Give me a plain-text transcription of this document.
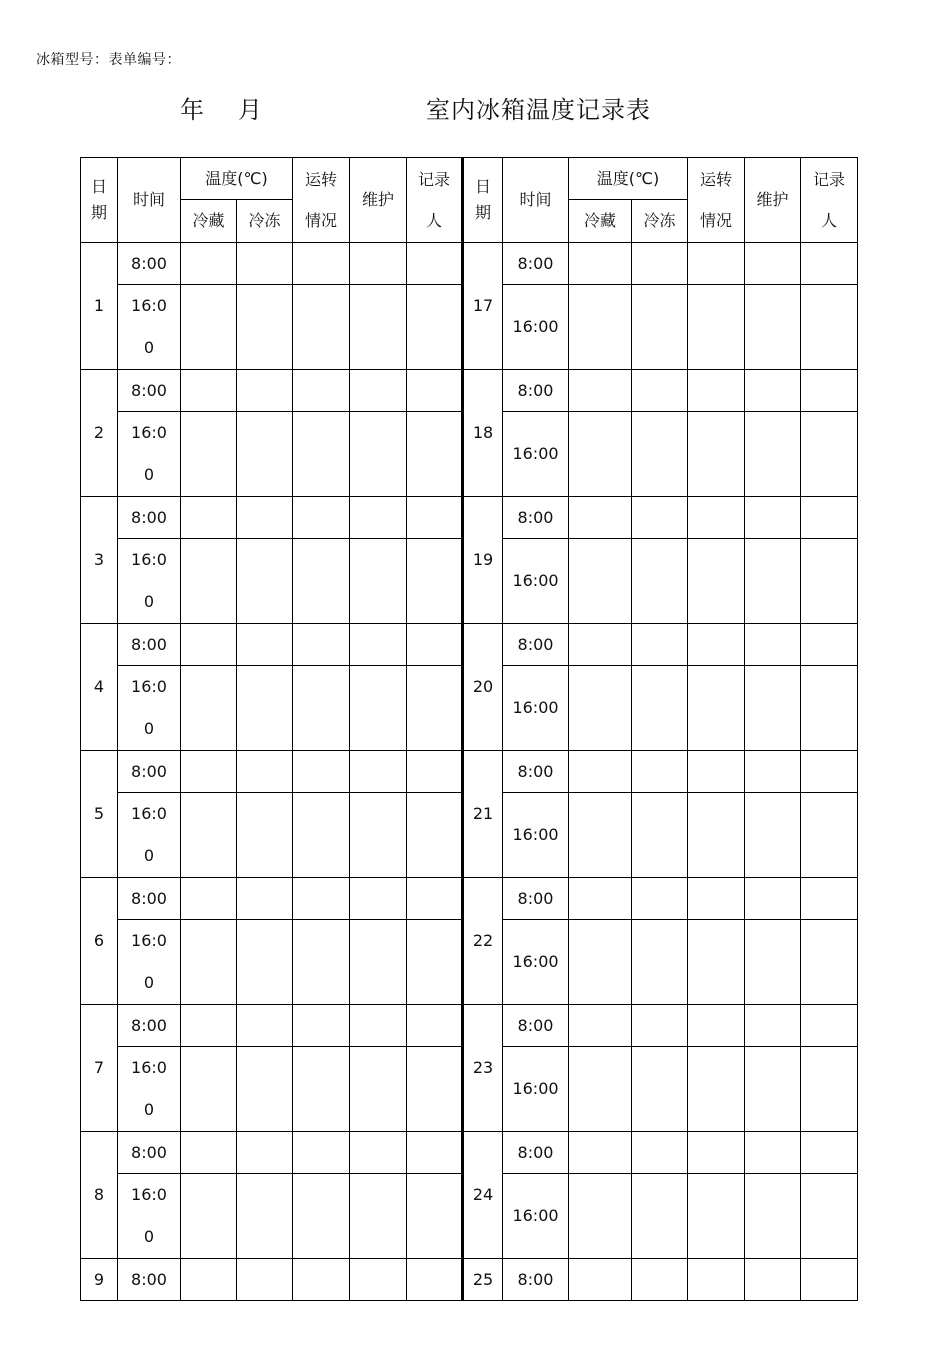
冰箱型号：表单编号：
年 月	室内冰箱温度记录表
日期	时间	温度(℃)		运转情况	维护	记录人	日期	时间	温度(℃)		运转情况	维护	记录人
		冷藏	冷冻						冷藏	冷冻			
1	8:00						17	8:00					
	16:00							16:00					
2	8:00						18	8:00					
	16:00							16:00					
3	8:00						19	8:00					
	16:00							16:00					
4	8:00						20	8:00					
	16:00							16:00					
5	8:00						21	8:00					
	16:00							16:00					
6	8:00						22	8:00					
	16:00							16:00					
7	8:00						23	8:00					
	16:00							16:00					
8	8:00						24	8:00					
	16:00							16:00					
9	8:00						25	8:00					
